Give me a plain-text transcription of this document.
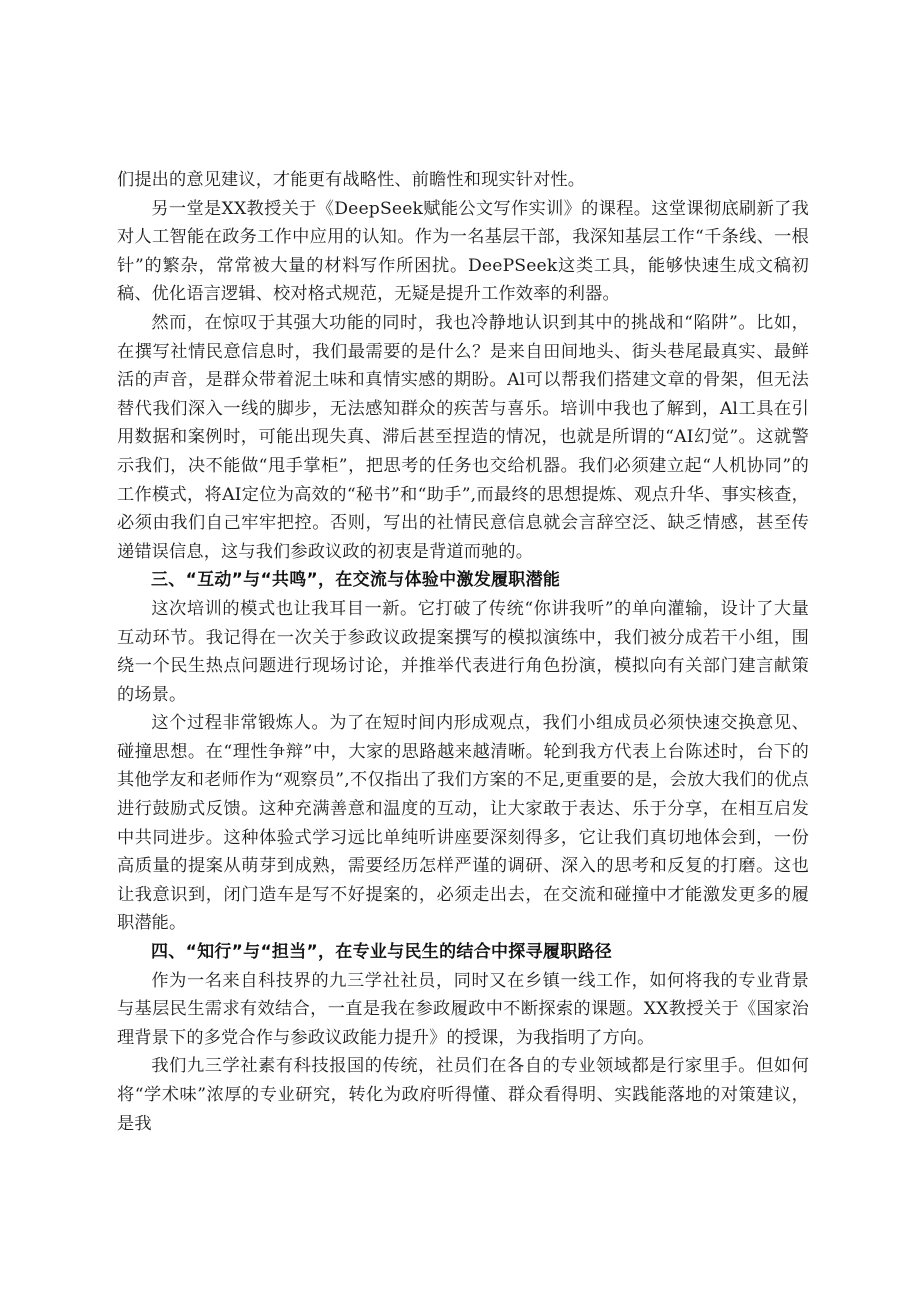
们提出的意见建议，才能更有战略性、前瞻性和现实针对性。

另一堂是XX教授关于《DeepSeek赋能公文写作实训》的课程。这堂课彻底刷新了我对人工智能在政务工作中应用的认知。作为一名基层干部，我深知基层工作“千条线、一根针”的繁杂，常常被大量的材料写作所困扰。DeePSeek这类工具，能够快速生成文稿初稿、优化语言逻辑、校对格式规范，无疑是提升工作效率的利器。

然而，在惊叹于其强大功能的同时，我也冷静地认识到其中的挑战和“陷阱”。比如，在撰写社情民意信息时，我们最需要的是什么？是来自田间地头、街头巷尾最真实、最鲜活的声音，是群众带着泥土味和真情实感的期盼。Al可以帮我们搭建文章的骨架，但无法替代我们深入一线的脚步，无法感知群众的疾苦与喜乐。培训中我也了解到，Al工具在引用数据和案例时，可能出现失真、滞后甚至捏造的情况，也就是所谓的“AI幻觉”。这就警示我们，决不能做“甩手掌柜”，把思考的任务也交给机器。我们必须建立起“人机协同”的工作模式，将AI定位为高效的“秘书”和“助手”,而最终的思想提炼、观点升华、事实核查，必须由我们自己牢牢把控。否则，写出的社情民意信息就会言辞空泛、缺乏情感，甚至传递错误信息，这与我们参政议政的初衷是背道而驰的。

三、“互动”与“共鸣”，在交流与体验中激发履职潜能

这次培训的模式也让我耳目一新。它打破了传统“你讲我听”的单向灌输，设计了大量互动环节。我记得在一次关于参政议政提案撰写的模拟演练中，我们被分成若干小组，围绕一个民生热点问题进行现场讨论，并推举代表进行角色扮演，模拟向有关部门建言献策的场景。

这个过程非常锻炼人。为了在短时间内形成观点，我们小组成员必须快速交换意见、碰撞思想。在“理性争辩”中，大家的思路越来越清晰。轮到我方代表上台陈述时，台下的其他学友和老师作为“观察员”,不仅指出了我们方案的不足,更重要的是，会放大我们的优点进行鼓励式反馈。这种充满善意和温度的互动，让大家敢于表达、乐于分享，在相互启发中共同进步。这种体验式学习远比单纯听讲座要深刻得多，它让我们真切地体会到，一份高质量的提案从萌芽到成熟，需要经历怎样严谨的调研、深入的思考和反复的打磨。这也让我意识到，闭门造车是写不好提案的，必须走出去，在交流和碰撞中才能激发更多的履职潜能。

四、“知行”与“担当”，在专业与民生的结合中探寻履职路径

作为一名来自科技界的九三学社社员，同时又在乡镇一线工作，如何将我的专业背景与基层民生需求有效结合，一直是我在参政履政中不断探索的课题。XX教授关于《国家治理背景下的多党合作与参政议政能力提升》的授课，为我指明了方向。

我们九三学社素有科技报国的传统，社员们在各自的专业领域都是行家里手。但如何将“学术味”浓厚的专业研究，转化为政府听得懂、群众看得明、实践能落地的对策建议，是我
